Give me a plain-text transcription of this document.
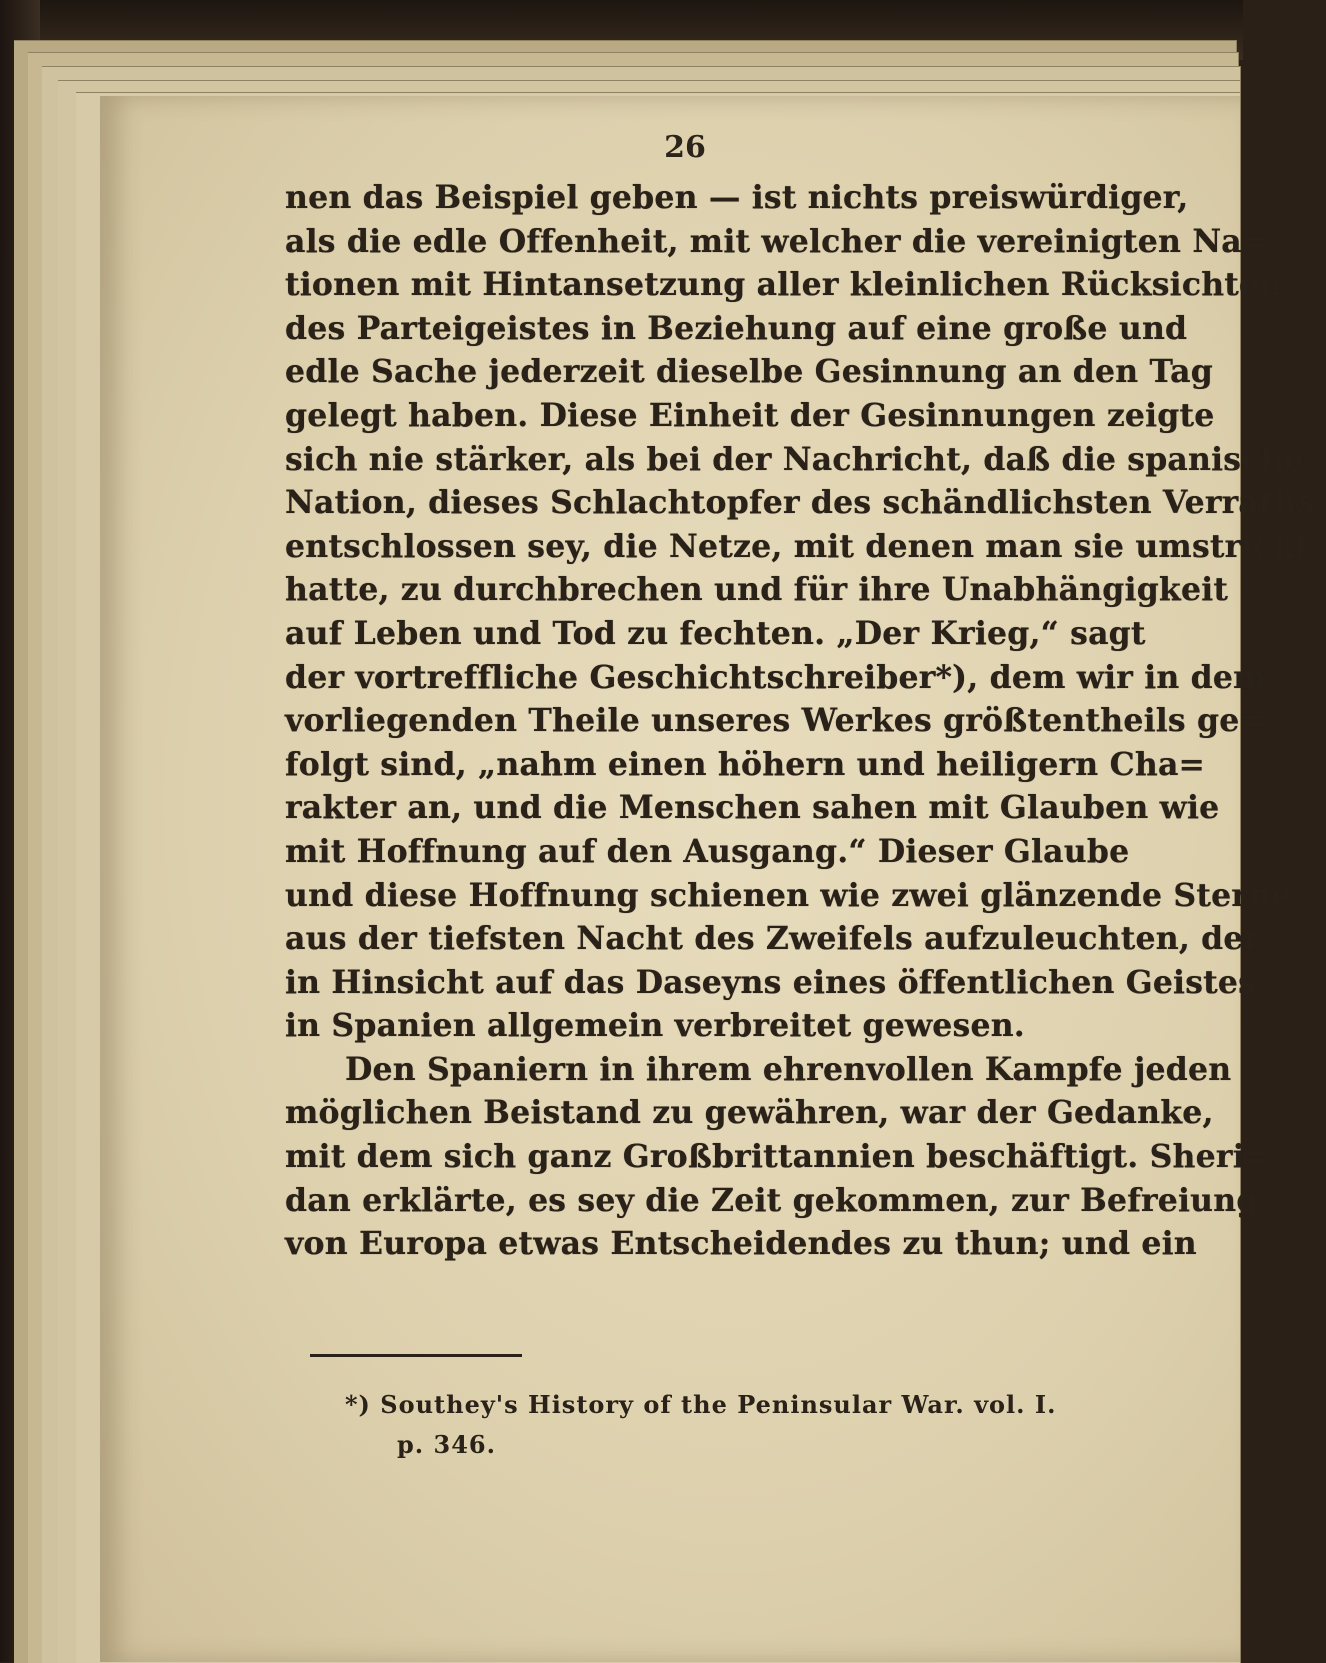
26
nen das Beispiel geben — ist nichts preiswürdiger,
als die edle Offenheit, mit welcher die vereinigten Na=
tionen mit Hintansetzung aller kleinlichen Rücksichten
des Parteigeistes in Beziehung auf eine große und
edle Sache jederzeit dieselbe Gesinnung an den Tag
gelegt haben. Diese Einheit der Gesinnungen zeigte
sich nie stärker, als bei der Nachricht, daß die spanische
Nation, dieses Schlachtopfer des schändlichsten Verraths,
entschlossen sey, die Netze, mit denen man sie umstrickt
hatte, zu durchbrechen und für ihre Unabhängigkeit
auf Leben und Tod zu fechten. „Der Krieg,“ sagt
der vortreffliche Geschichtschreiber*), dem wir in dem
vorliegenden Theile unseres Werkes größtentheils ge=
folgt sind, „nahm einen höhern und heiligern Cha=
rakter an, und die Menschen sahen mit Glauben wie
mit Hoffnung auf den Ausgang.“ Dieser Glaube
und diese Hoffnung schienen wie zwei glänzende Sterne
aus der tiefsten Nacht des Zweifels aufzuleuchten, der
in Hinsicht auf das Daseyns eines öffentlichen Geistes
in Spanien allgemein verbreitet gewesen.
Den Spaniern in ihrem ehrenvollen Kampfe jeden
möglichen Beistand zu gewähren, war der Gedanke,
mit dem sich ganz Großbrittannien beschäftigt. Sheri=
dan erklärte, es sey die Zeit gekommen, zur Befreiung
von Europa etwas Entscheidendes zu thun; und ein
*) Southey's History of the Peninsular War. vol. I.
p. 346.
